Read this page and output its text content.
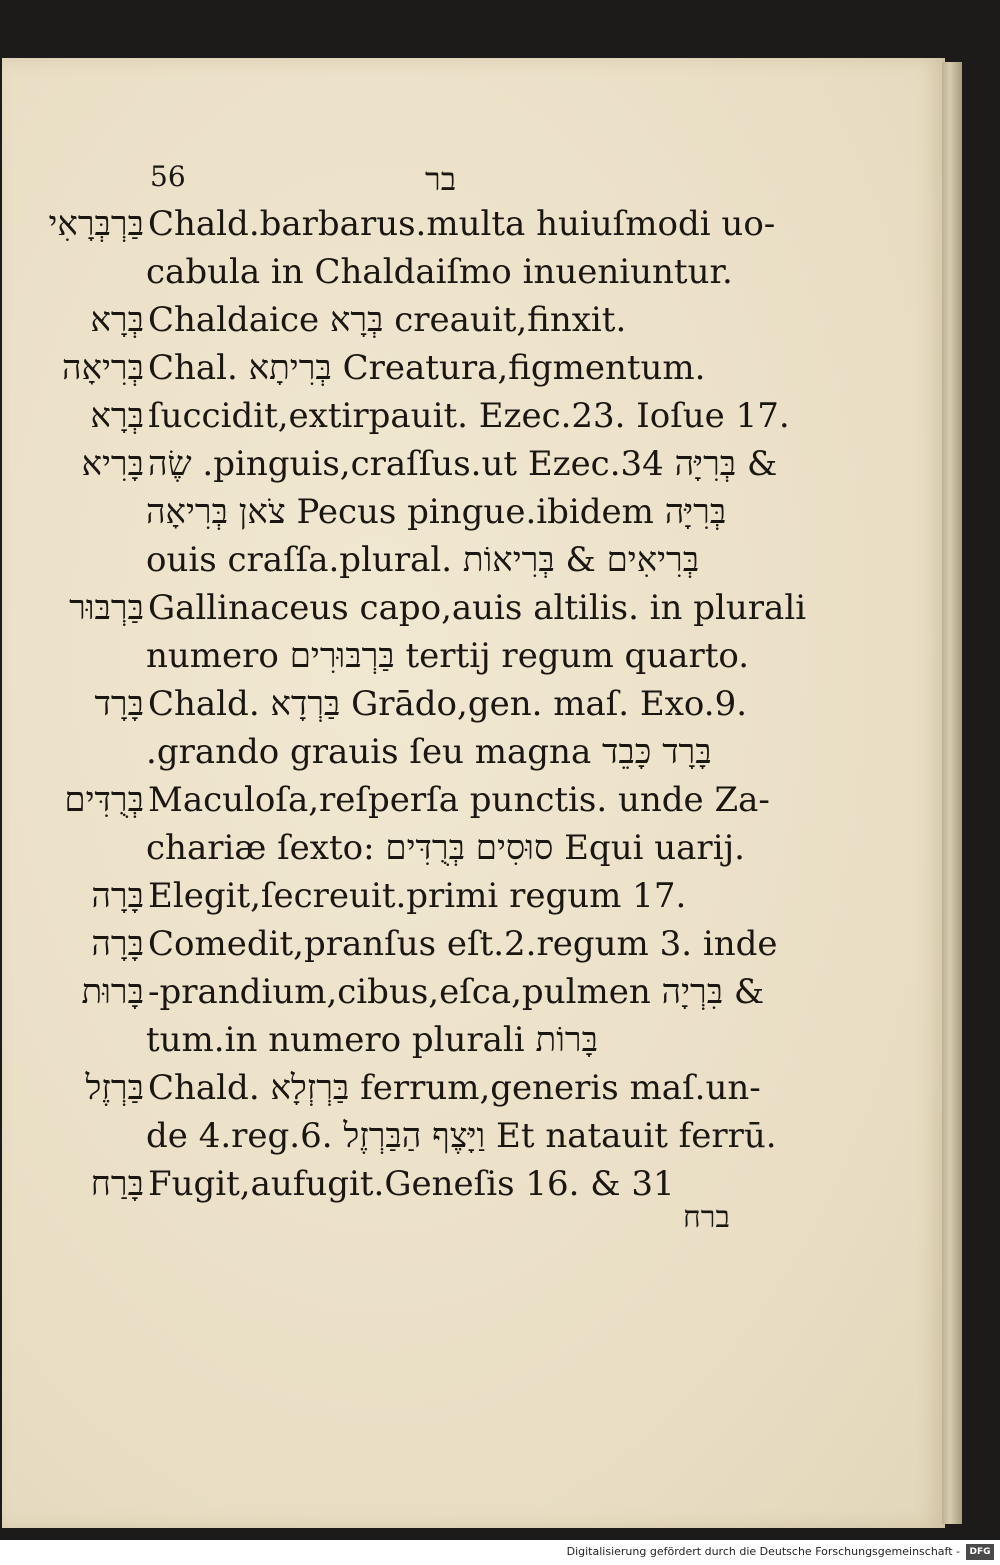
56	בר
בַּרְבְּרָאִי Chald.barbarus.multa huiuſmodi uo‑
cabula in Chaldaiſmo inueniuntur.
בְּרָא Chaldaice בְּרָא creauit,finxit.
בְּרִיאָה Chal. בְּרִיתָא Creatura,figmentum.
בְּרָא ſuccidit,extirpauit. Ezec.23. Ioſue 17.
בָּרִיא & בְּרִיָּה pinguis,craſſus.ut Ezec.34. שֶׂה
בְּרִיָּה Pecus pingue.ibidem צֹאן בְּרִיאָה
ouis craſſa.plural. בְּרִיאִים & בְּרִיאוֹת
בַּרְבּוּר Gallinaceus capo,auis altilis. in plurali
numero בַּרְבּוּרִים tertij regum quarto.
בָּרָד Chald. בַּרְדָא Grādo,gen. maſ. Exo.9.
בָּרָד כָּבֵד grando grauis ſeu magna.
בְּרֻדִּים Maculoſa,reſperſa punctis. unde Za‑
chariæ ſexto: סוּסִים בְּרֻדִּים Equi uarij.
בָּרָה Elegit,ſecreuit.primi regum 17.
בָּרָה Comedit,pranſus eſt.2.regum 3. inde
בָּרוּת & בִּרְיָה prandium,cibus,eſca,pulmen‑
tum.in numero plurali בָּרוֹת
בַּרְזֶל Chald. בַּרְזְלָא ferrum,generis maſ.un‑
de 4.reg.6. וַיָּצֶף הַבַּרְזֶל Et natauit ferrū.
בָּרַח Fugit,aufugit.Geneſis 16. & 31
ברח
Digitalisierung gefördert durch die Deutsche Forschungsgemeinschaft -	DFG
